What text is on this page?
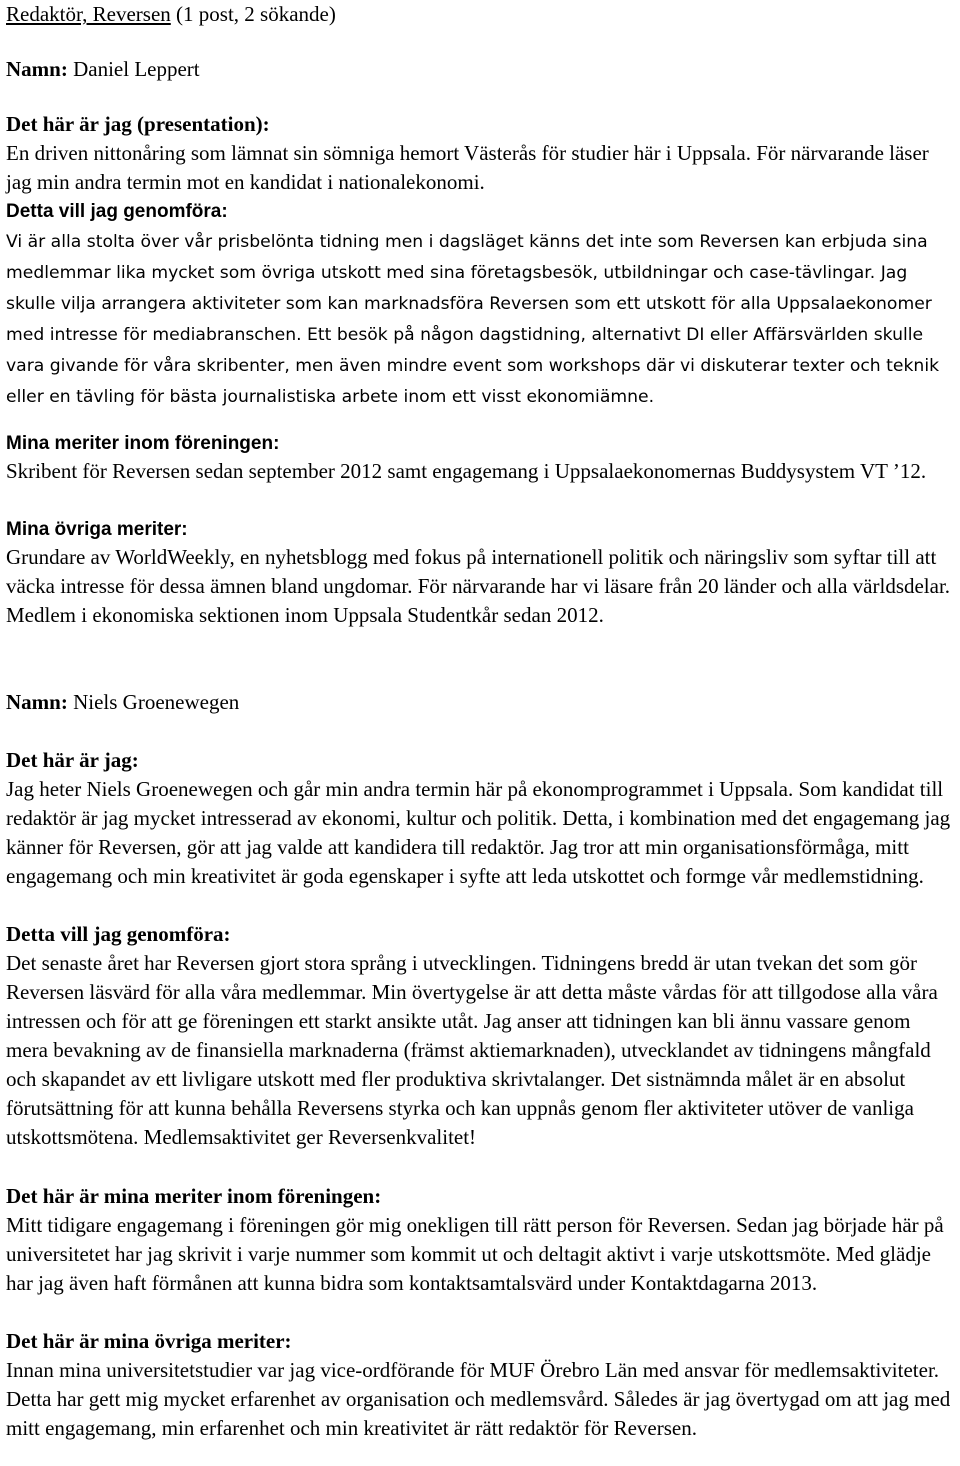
Redaktör, Reversen (1 post, 2 sökande)

Namn: Daniel Leppert

Det här är jag (presentation):

En driven nittonåring som lämnat sin sömniga hemort Västerås för studier här i Uppsala. För närvarande läser jag min andra termin mot en kandidat i nationalekonomi.

Detta vill jag genomföra:

Vi är alla stolta över vår prisbelönta tidning men i dagsläget känns det inte som Reversen kan erbjuda sina medlemmar lika mycket som övriga utskott med sina företagsbesök, utbildningar och case-tävlingar. Jag skulle vilja arrangera aktiviteter som kan marknadsföra Reversen som ett utskott för alla Uppsalaekonomer med intresse för mediabranschen. Ett besök på någon dagstidning, alternativt DI eller Affärsvärlden skulle vara givande för våra skribenter, men även mindre event som workshops där vi diskuterar texter och teknik eller en tävling för bästa journalistiska arbete inom ett visst ekonomiämne.

Mina meriter inom föreningen:

Skribent för Reversen sedan september 2012 samt engagemang i Uppsalaekonomernas Buddysystem VT ’12.

Mina övriga meriter:

Grundare av WorldWeekly, en nyhetsblogg med fokus på internationell politik och näringsliv som syftar till att väcka intresse för dessa ämnen bland ungdomar. För närvarande har vi läsare från 20 länder och alla världsdelar. Medlem i ekonomiska sektionen inom Uppsala Studentkår sedan 2012.

Namn: Niels Groenewegen

Det här är jag:

Jag heter Niels Groenewegen och går min andra termin här på ekonomprogrammet i Uppsala. Som kandidat till redaktör är jag mycket intresserad av ekonomi, kultur och politik. Detta, i kombination med det engagemang jag känner för Reversen, gör att jag valde att kandidera till redaktör. Jag tror att min organisationsförmåga, mitt engagemang och min kreativitet är goda egenskaper i syfte att leda utskottet och formge vår medlemstidning.

Detta vill jag genomföra:

Det senaste året har Reversen gjort stora språng i utvecklingen. Tidningens bredd är utan tvekan det som gör Reversen läsvärd för alla våra medlemmar. Min övertygelse är att detta måste vårdas för att tillgodose alla våra intressen och för att ge föreningen ett starkt ansikte utåt. Jag anser att tidningen kan bli ännu vassare genom mera bevakning av de finansiella marknaderna (främst aktiemarknaden), utvecklandet av tidningens mångfald och skapandet av ett livligare utskott med fler produktiva skrivtalanger. Det sistnämnda målet är en absolut förutsättning för att kunna behålla Reversens styrka och kan uppnås genom fler aktiviteter utöver de vanliga utskottsmötena. Medlemsaktivitet ger Reversenkvalitet!

Det här är mina meriter inom föreningen:

Mitt tidigare engagemang i föreningen gör mig onekligen till rätt person för Reversen. Sedan jag började här på universitetet har jag skrivit i varje nummer som kommit ut och deltagit aktivt i varje utskottsmöte. Med glädje har jag även haft förmånen att kunna bidra som kontaktsamtalsvärd under Kontaktdagarna 2013.

Det här är mina övriga meriter:

Innan mina universitetstudier var jag vice-ordförande för MUF Örebro Län med ansvar för medlemsaktiviteter. Detta har gett mig mycket erfarenhet av organisation och medlemsvård. Således är jag övertygad om att jag med mitt engagemang, min erfarenhet och min kreativitet är rätt redaktör för Reversen.
